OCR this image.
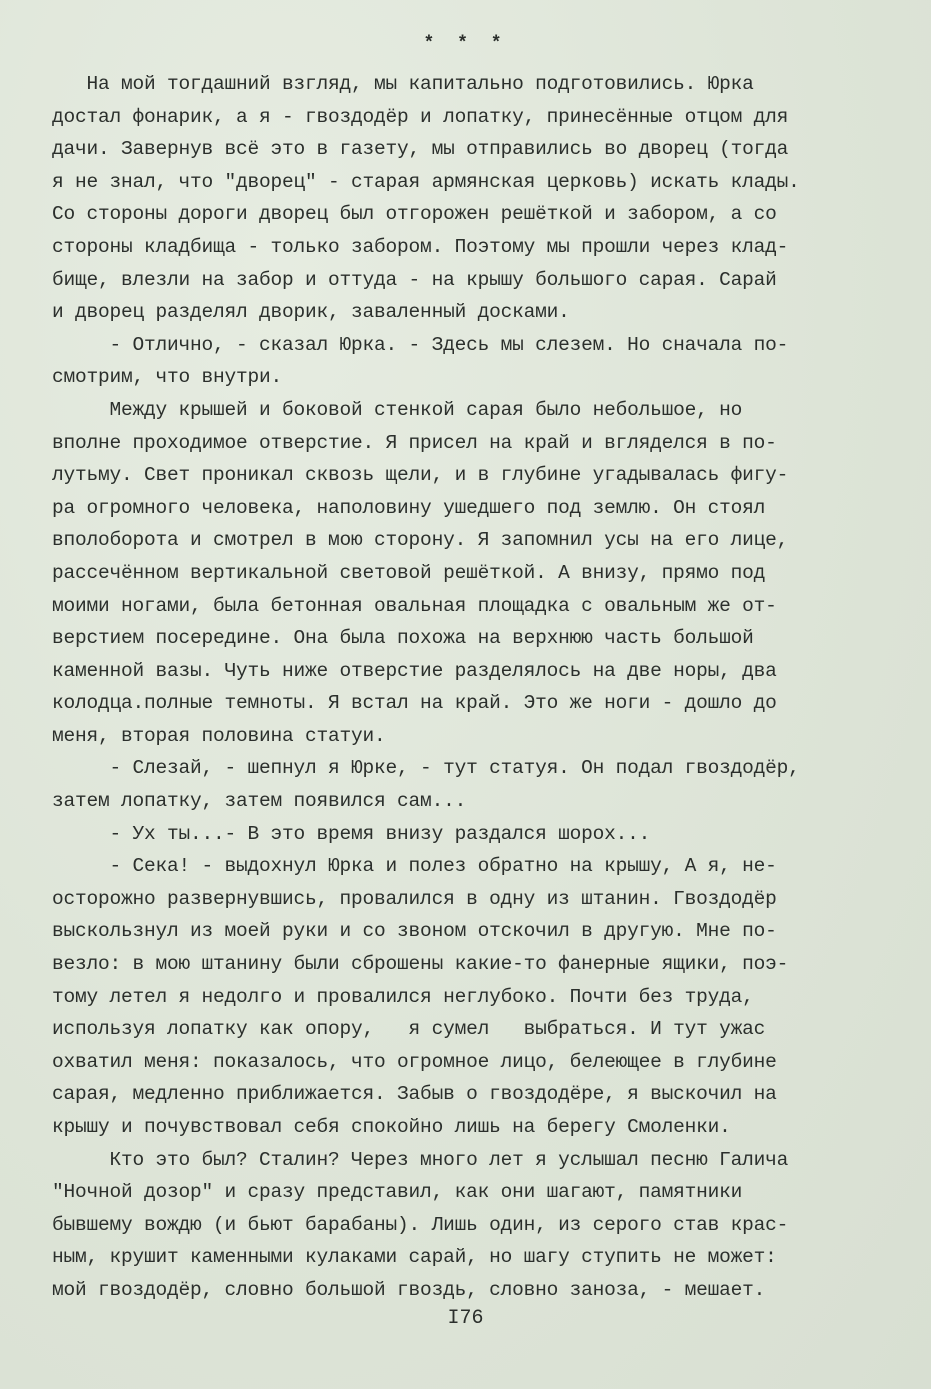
* * *
На мой тогдашний взгляд, мы капитально подготовились. Юрка
достал фонарик, а я - гвоздодёр и лопатку, принесённые отцом для
дачи. Завернув всё это в газету, мы отправились во дворец (тогда
я не знал, что "дворец" - старая армянская церковь) искать клады.
Со стороны дороги дворец был отгорожен решёткой и забором, а со
стороны кладбища - только забором. Поэтому мы прошли через клад-
бище, влезли на забор и оттуда - на крышу большого сарая. Сарай
и дворец разделял дворик, заваленный досками.
- Отлично, - сказал Юрка. - Здесь мы слезем. Но сначала по-
смотрим, что внутри.
Между крышей и боковой стенкой сарая было небольшое, но
вполне проходимое отверстие. Я присел на край и вгляделся в по-
лутьму. Свет проникал сквозь щели, и в глубине угадывалась фигу-
ра огромного человека, наполовину ушедшего под землю. Он стоял
вполоборота и смотрел в мою сторону. Я запомнил усы на его лице,
рассечённом вертикальной световой решёткой. А внизу, прямо под
моими ногами, была бетонная овальная площадка с овальным же от-
верстием посередине. Она была похожа на верхнюю часть большой
каменной вазы. Чуть ниже отверстие разделялось на две норы, два
колодца.полные темноты. Я встал на край. Это же ноги - дошло до
меня, вторая половина статуи.
- Слезай, - шепнул я Юрке, - тут статуя. Он подал гвоздодёр,
затем лопатку, затем появился сам...
- Ух ты...- В это время внизу раздался шорох...
- Сека! - выдохнул Юрка и полез обратно на крышу, А я, не-
осторожно развернувшись, провалился в одну из штанин. Гвоздодёр
выскользнул из моей руки и со звоном отскочил в другую. Мне по-
везло: в мою штанину были сброшены какие-то фанерные ящики, поэ-
тому летел я недолго и провалился неглубоко. Почти без труда,
используя лопатку как опору,   я сумел   выбраться. И тут ужас
охватил меня: показалось, что огромное лицо, белеющее в глубине
сарая, медленно приближается. Забыв о гвоздодёре, я выскочил на
крышу и почувствовал себя спокойно лишь на берегу Смоленки.
Кто это был? Сталин? Через много лет я услышал песню Галича
"Ночной дозор" и сразу представил, как они шагают, памятники
бывшему вождю (и бьют барабаны). Лишь один, из серого став крас-
ным, крушит каменными кулаками сарай, но шагу ступить не может:
мой гвоздодёр, словно большой гвоздь, словно заноза, - мешает.
I76
